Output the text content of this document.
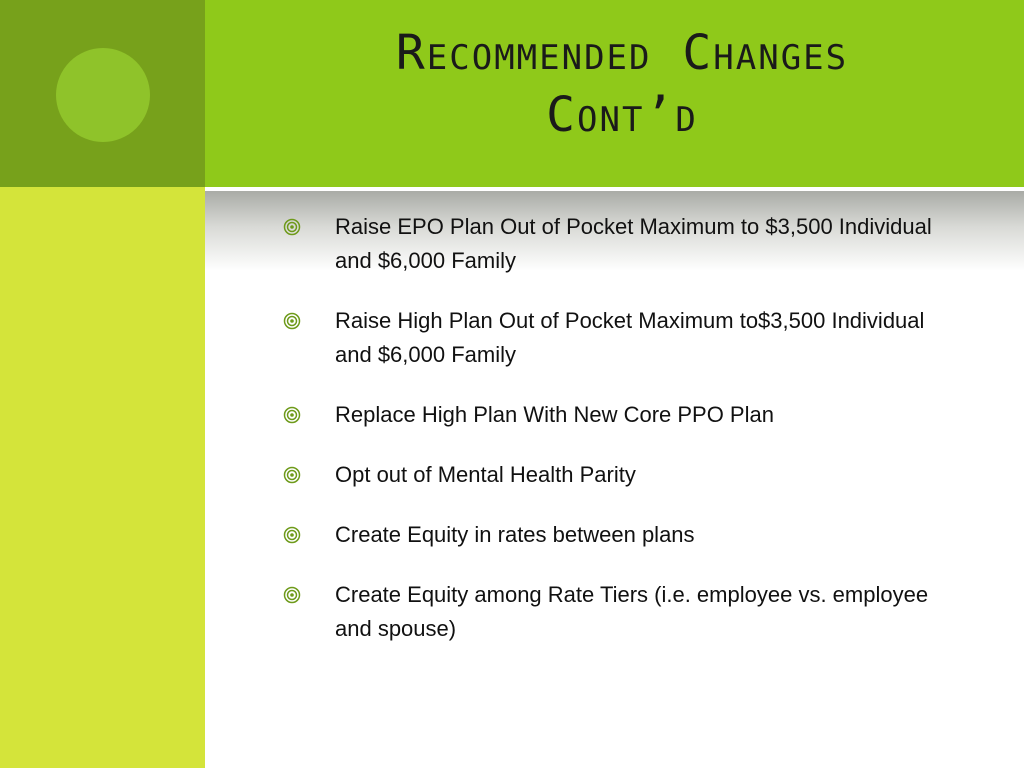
Recommended Changes
Cont’d
Raise EPO Plan Out of Pocket Maximum to $3,500 Individual and $6,000 Family
Raise High Plan Out of Pocket Maximum to$3,500 Individual and $6,000 Family
Replace High Plan With New Core PPO Plan
Opt out of Mental Health Parity
Create Equity in rates between plans
Create Equity among Rate Tiers (i.e. employee vs. employee and spouse)
